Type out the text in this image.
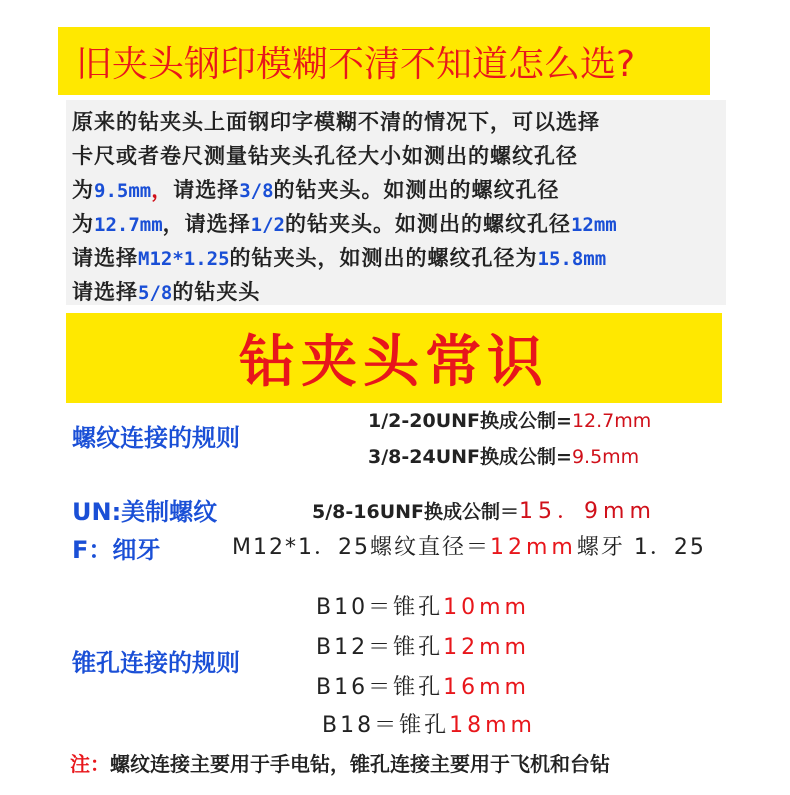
旧夹头钢印模糊不清不知道怎么选?
原来的钻夹头上面钢印字模糊不清的情况下，可以选择
卡尺或者卷尺测量钻夹头孔径大小如测出的螺纹孔径
为9.5mm，请选择3/8的钻夹头。如测出的螺纹孔径
为12.7mm，请选择1/2的钻夹头。如测出的螺纹孔径12mm
请选择M12*1.25的钻夹头，如测出的螺纹孔径为15.8mm
请选择5/8的钻夹头
钻夹头常识
螺纹连接的规则
1/2-20UNF换成公制=12.7mm
3/8-24UNF换成公制=9.5mm
UN:美制螺纹	5/8-16UNF换成公制＝15．9mm
F：细牙	M12*1．25螺纹直径＝12mm螺牙 1．25
锥孔连接的规则
B10＝锥孔10mm
B12＝锥孔12mm
B16＝锥孔16mm
B18＝锥孔18mm
注：螺纹连接主要用于手电钻，锥孔连接主要用于飞机和台钻
